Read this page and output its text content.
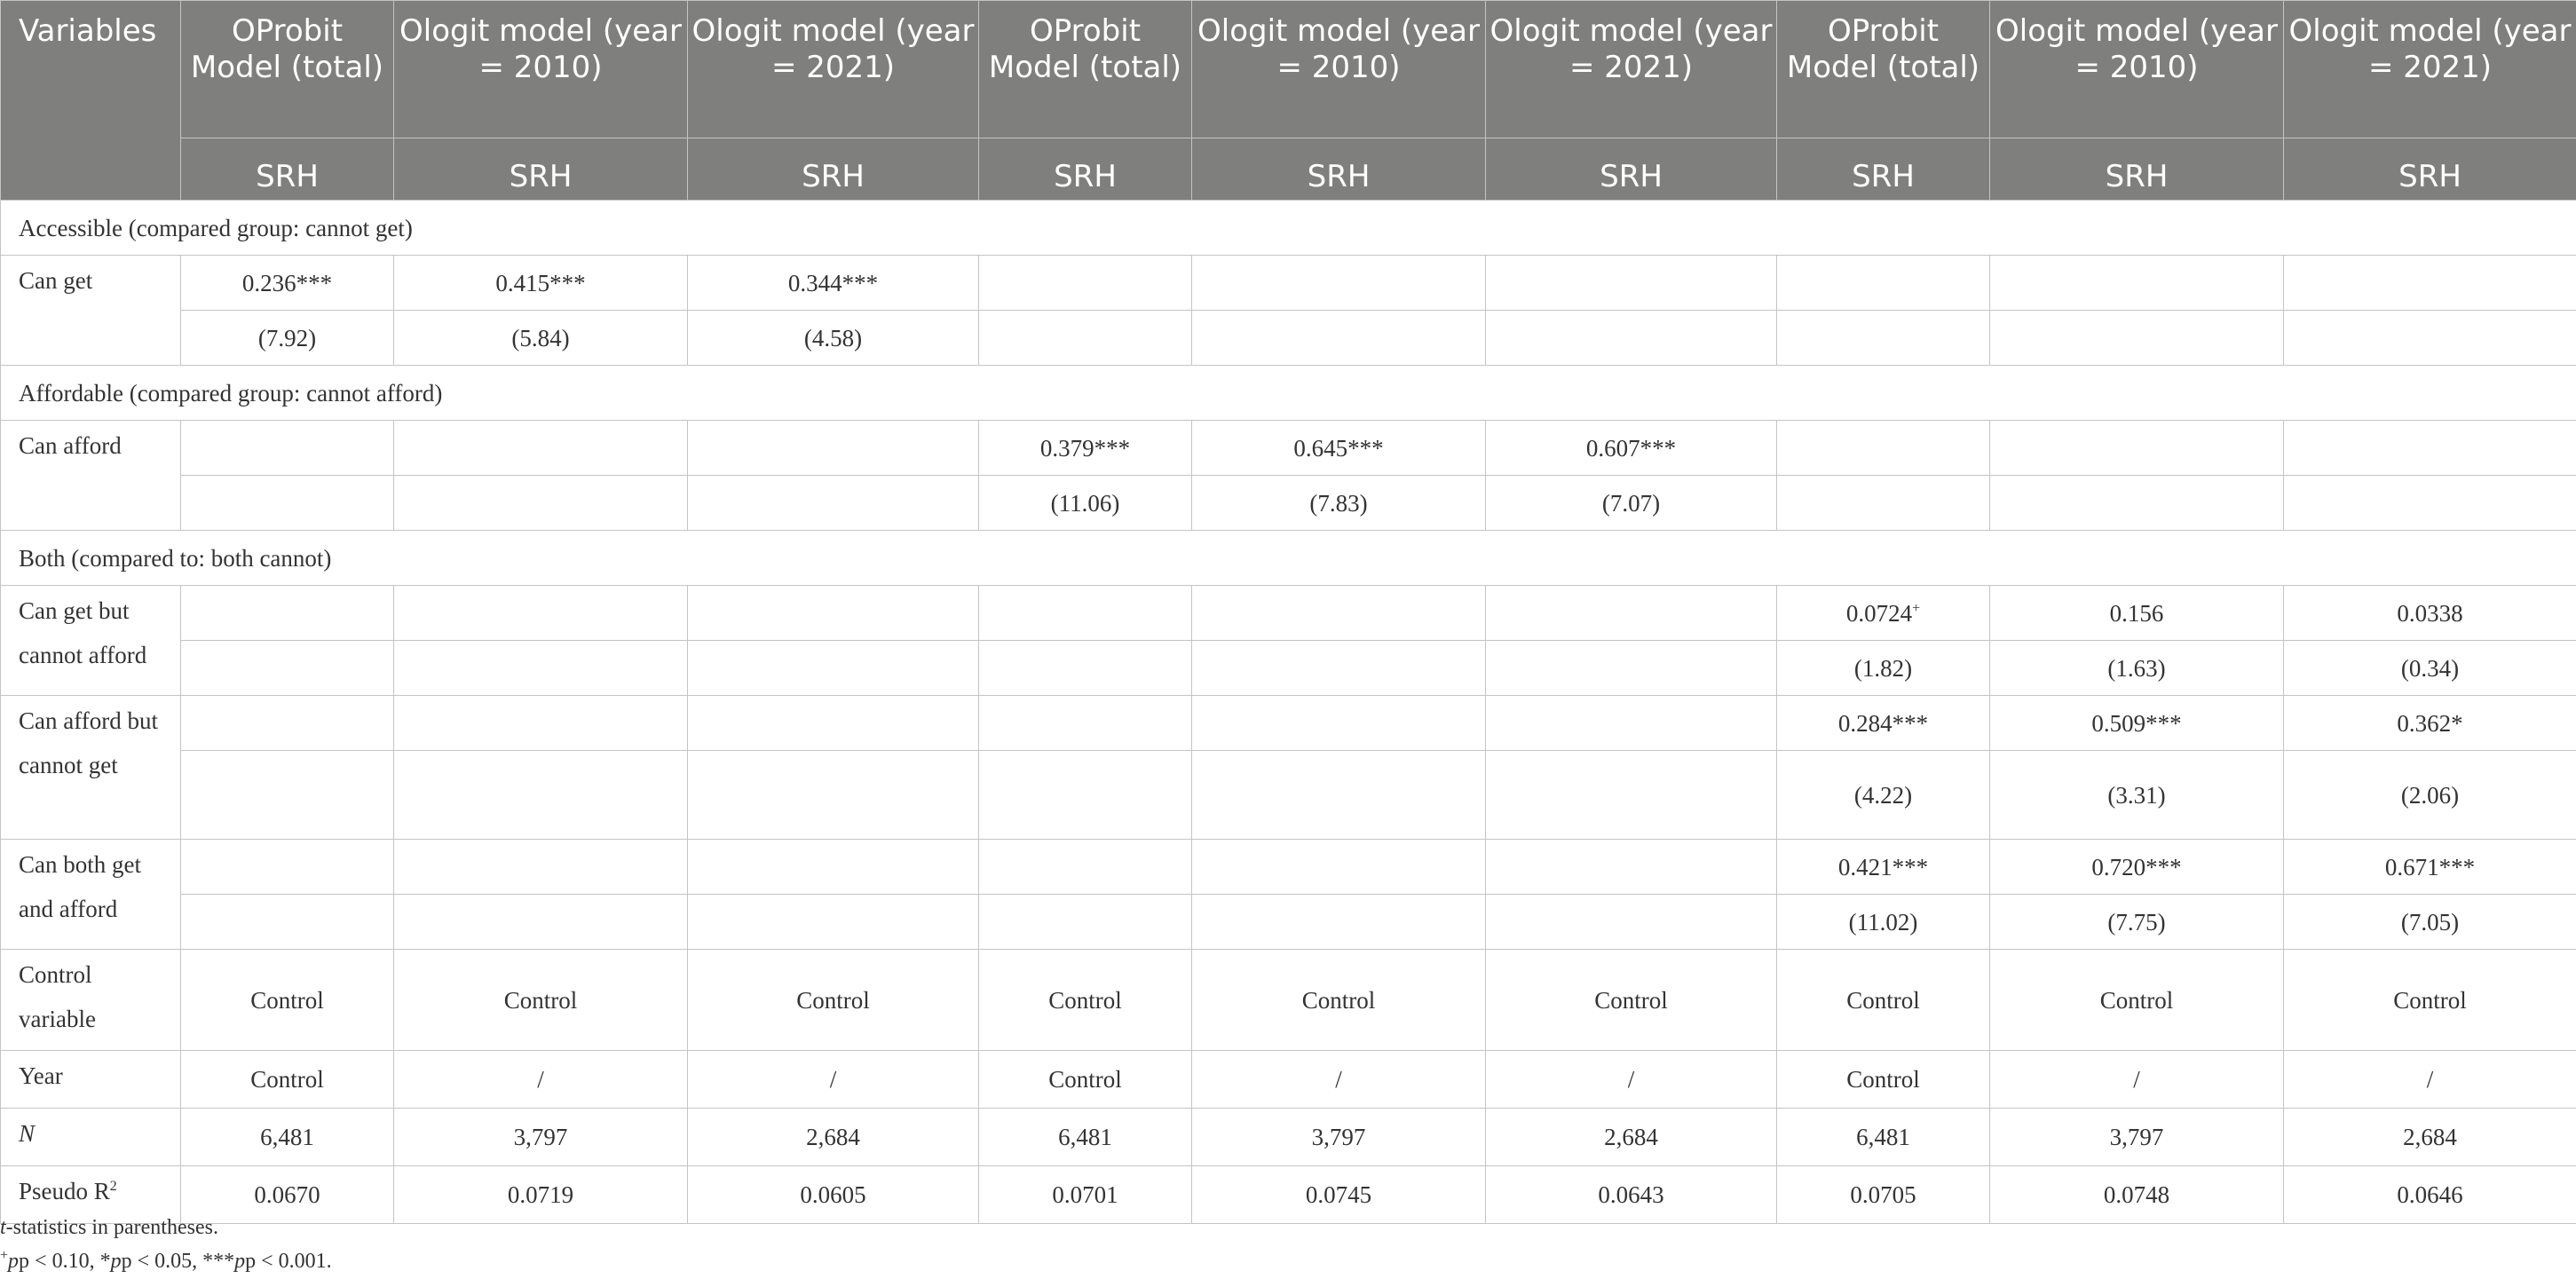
Variables	OProbit Model (total)	Ologit model (year = 2010)	Ologit model (year = 2021)	OProbit Model (total)	Ologit model (year = 2010)	Ologit model (year = 2021)	OProbit Model (total)	Ologit model (year = 2010)	Ologit model (year = 2021)
	SRH	SRH	SRH	SRH	SRH	SRH	SRH	SRH	SRH
Accessible (compared group: cannot get)									
Can get	0.236***	0.415***	0.344***						
	(7.92)	(5.84)	(4.58)						
Affordable (compared group: cannot afford)									
Can afford				0.379***	0.645***	0.607***			
				(11.06)	(7.83)	(7.07)			
Both (compared to: both cannot)									
Can get but cannot afford							0.0724+	0.156	0.0338
							(1.82)	(1.63)	(0.34)
Can afford but cannot get							0.284***	0.509***	0.362*
							(4.22)	(3.31)	(2.06)
Can both get and afford							0.421***	0.720***	0.671***
							(11.02)	(7.75)	(7.05)
Control variable	Control	Control	Control	Control	Control	Control	Control	Control	Control
Year	Control	/	/	Control	/	/	Control	/	/
N	6,481	3,797	2,684	6,481	3,797	2,684	6,481	3,797	2,684
Pseudo $R^2$	0.0670	0.0719	0.0605	0.0701	0.0745	0.0643	0.0705	0.0748	0.0646
t-statistics in parentheses.
+pp < 0.10, *pp < 0.05, ***pp < 0.001.
